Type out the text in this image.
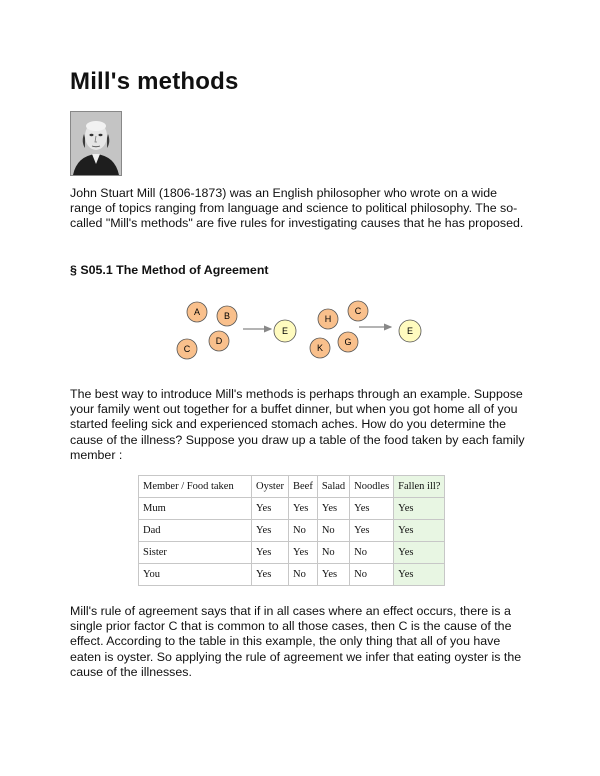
Mill's methods

John Stuart Mill (1806-1873) was an English philosopher who wrote on a wide range of topics ranging from language and science to political philosophy. The so-called "Mill's methods" are five rules for investigating causes that he has proposed.

§ S05.1 The Method of Agreement
A	B
C
D
E
H
C
K
G
E

The best way to introduce Mill's methods is perhaps through an example. Suppose your family went out together for a buffet dinner, but when you got home all of you started feeling sick and experienced stomach aches. How do you determine the cause of the illness? Suppose you draw up a table of the food taken by each family member :

Member / Food taken	Oyster	Beef	Salad	Noodles	Fallen ill?
Mum	Yes	Yes	Yes	Yes	Yes
Dad	Yes	No	No	Yes	Yes
Sister	Yes	Yes	No	No	Yes
You	Yes	No	Yes	No	Yes

Mill's rule of agreement says that if in all cases where an effect occurs, there is a single prior factor C that is common to all those cases, then C is the cause of the effect. According to the table in this example, the only thing that all of you have eaten is oyster. So applying the rule of agreement we infer that eating oyster is the cause of the illnesses.
